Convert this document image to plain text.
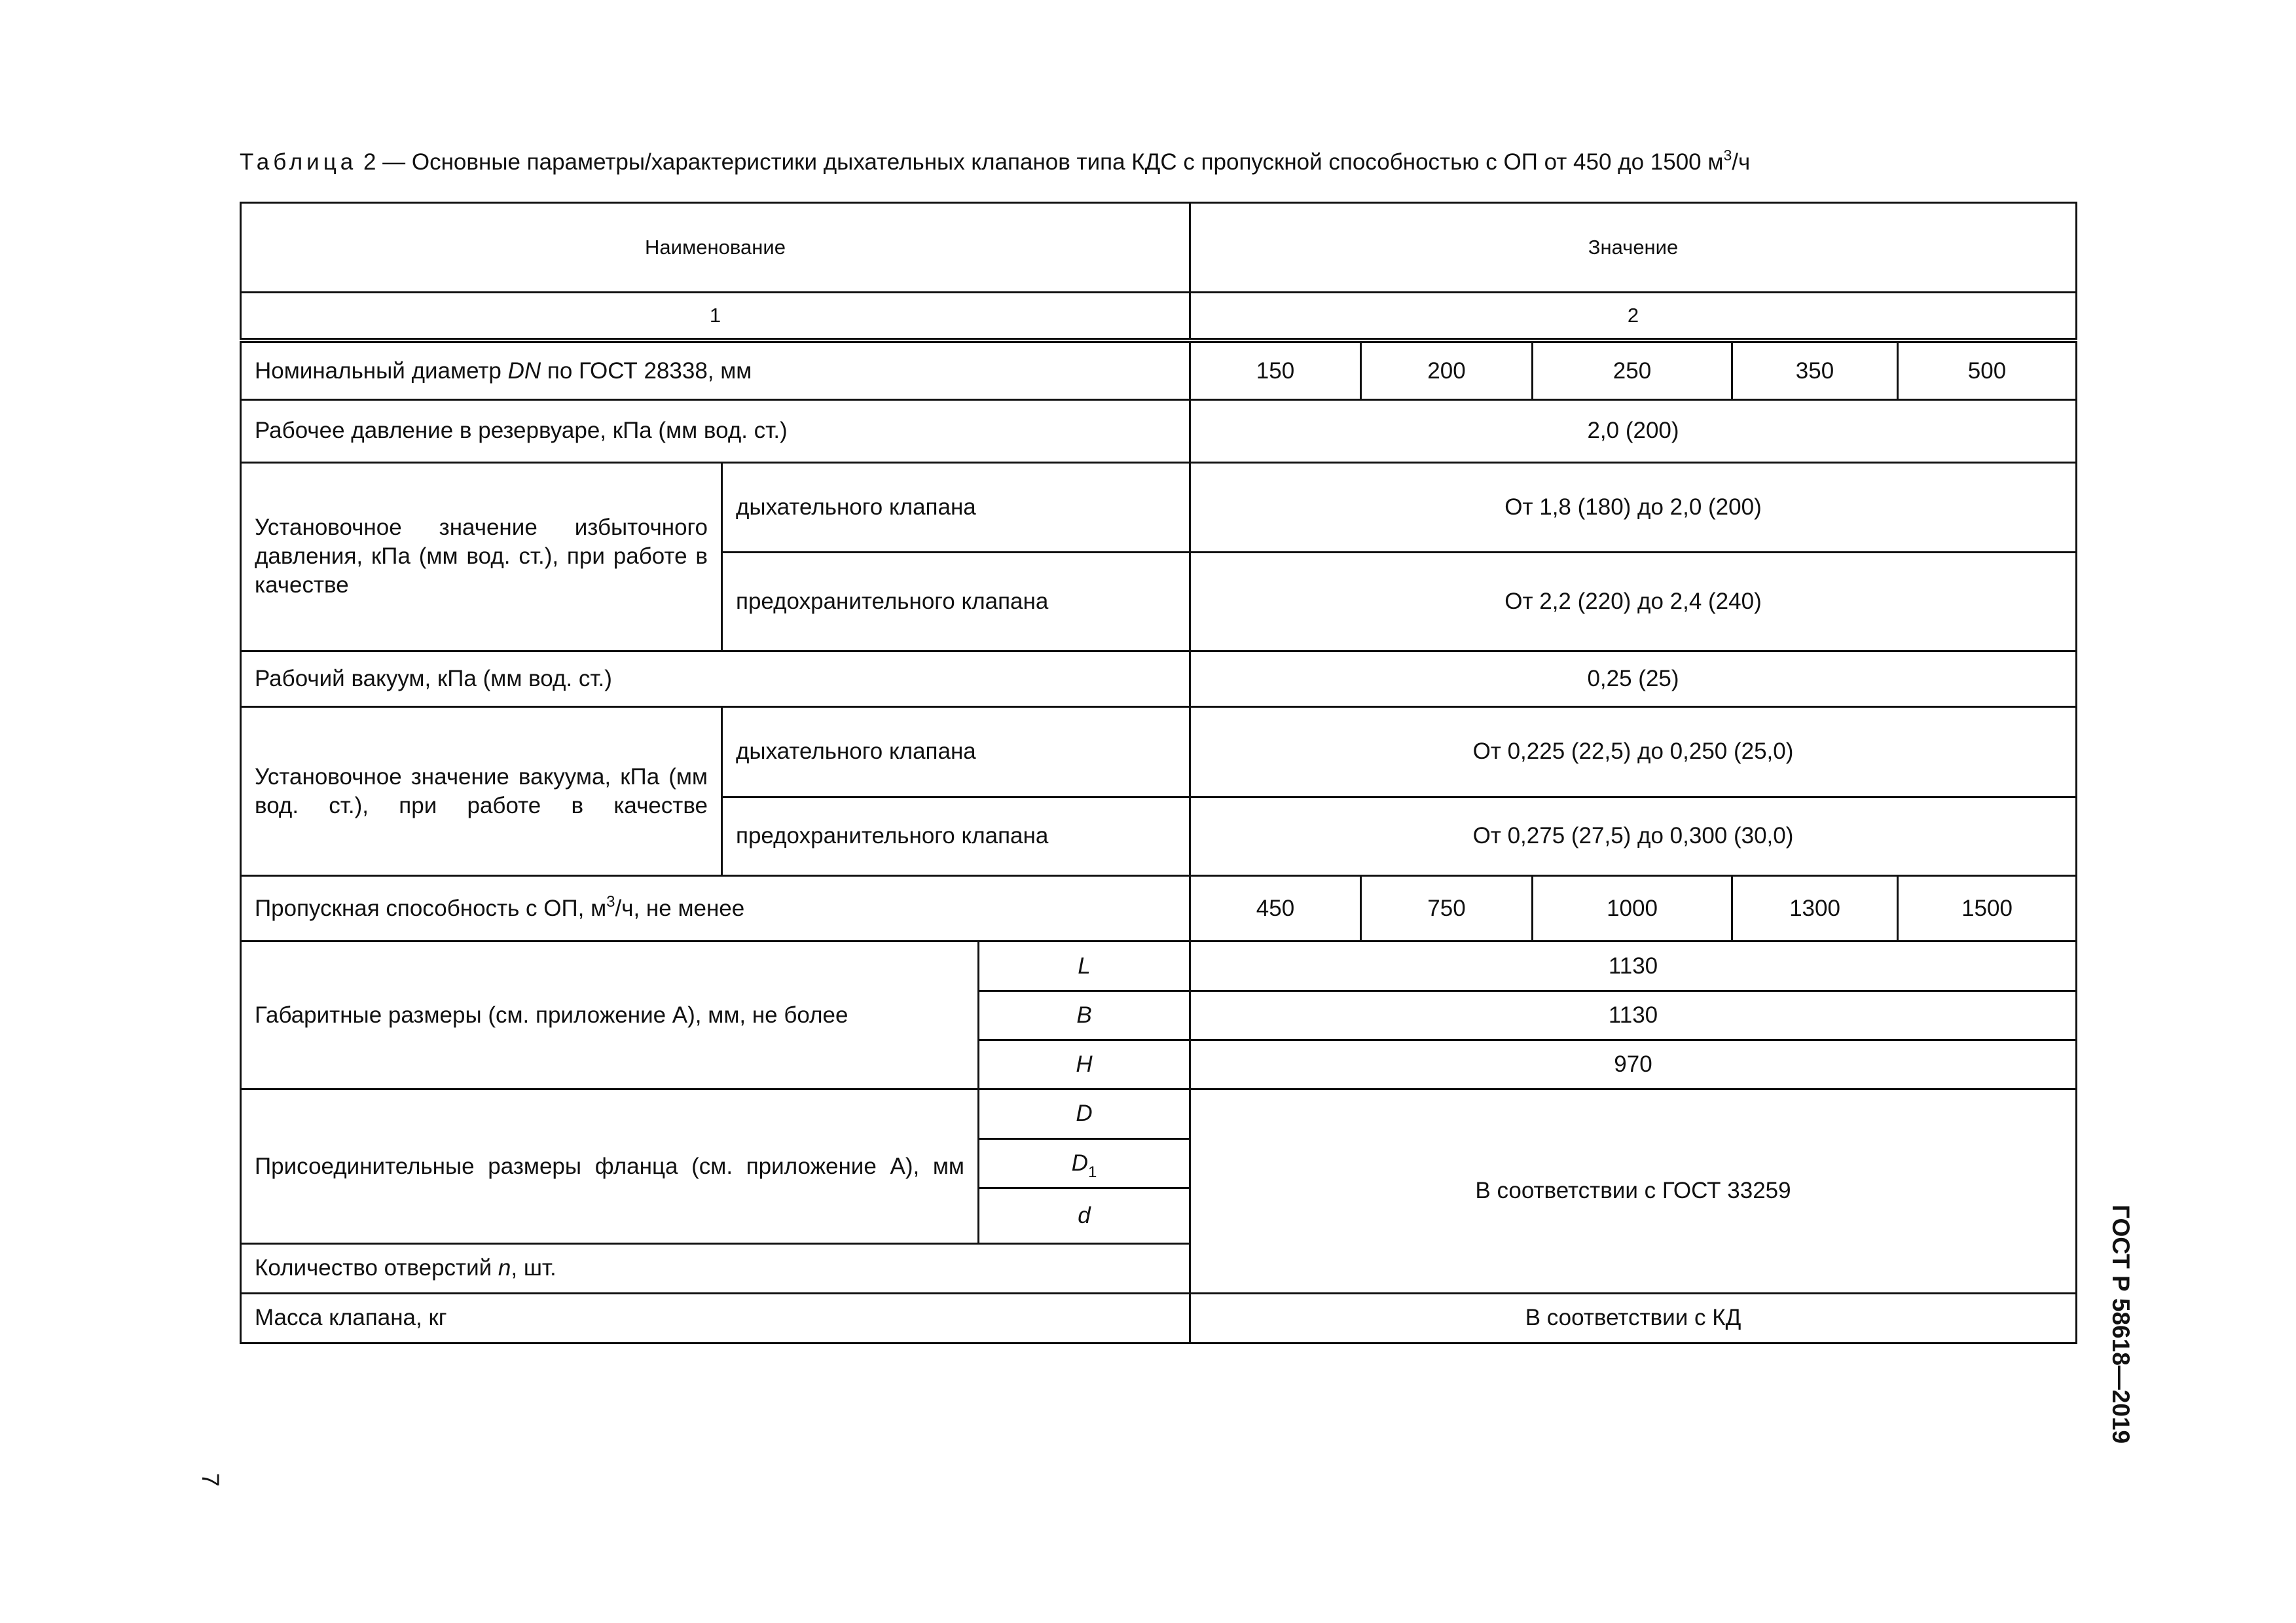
Таблица 2 — Основные параметры/характеристики дыхательных клапанов типа КДС с пропускной способностью с ОП от 450 до 1500 $м^3/ч$
Наименование			Значение				
1			2				
Номинальный диаметр DN по ГОСТ 28338, мм			150	200	250	350	500
Рабочее давление в резервуаре, кПа (мм вод. ст.)			2,0 (200)				

Установочное значение избыточного давления, кПа (мм вод. ст.), при работе в качестве	дыхательного клапана		От 1,8 (180) до 2,0 (200)				
	предохранительного клапана		От 2,2 (220) до 2,4 (240)				
Рабочий вакуум, кПа (мм вод. ст.)			0,25 (25)				

Установочное значение вакуума, кПа (мм вод. ст.), при работе в качестве	дыхательного клапана		От 0,225 (22,5) до 0,250 (25,0)				
	предохранительного клапана		От 0,275 (27,5) до 0,300 (30,0)				
Пропускная способность с ОП, $м^3/ч$, не менее			450	750	1000	1300	1500
Габаритные размеры (см. приложение А), мм, не более		L	1130				
		B	1130				
		H	970				

Присоединительные размеры фланца (см. приложение А), мм		D	В соответствии с ГОСТ 33259				
		$D_1$
		d					
Количество отверстий n, шт.							
Масса клапана, кг			В соответствии с КД					ГОСТ Р 58618—2019
7
